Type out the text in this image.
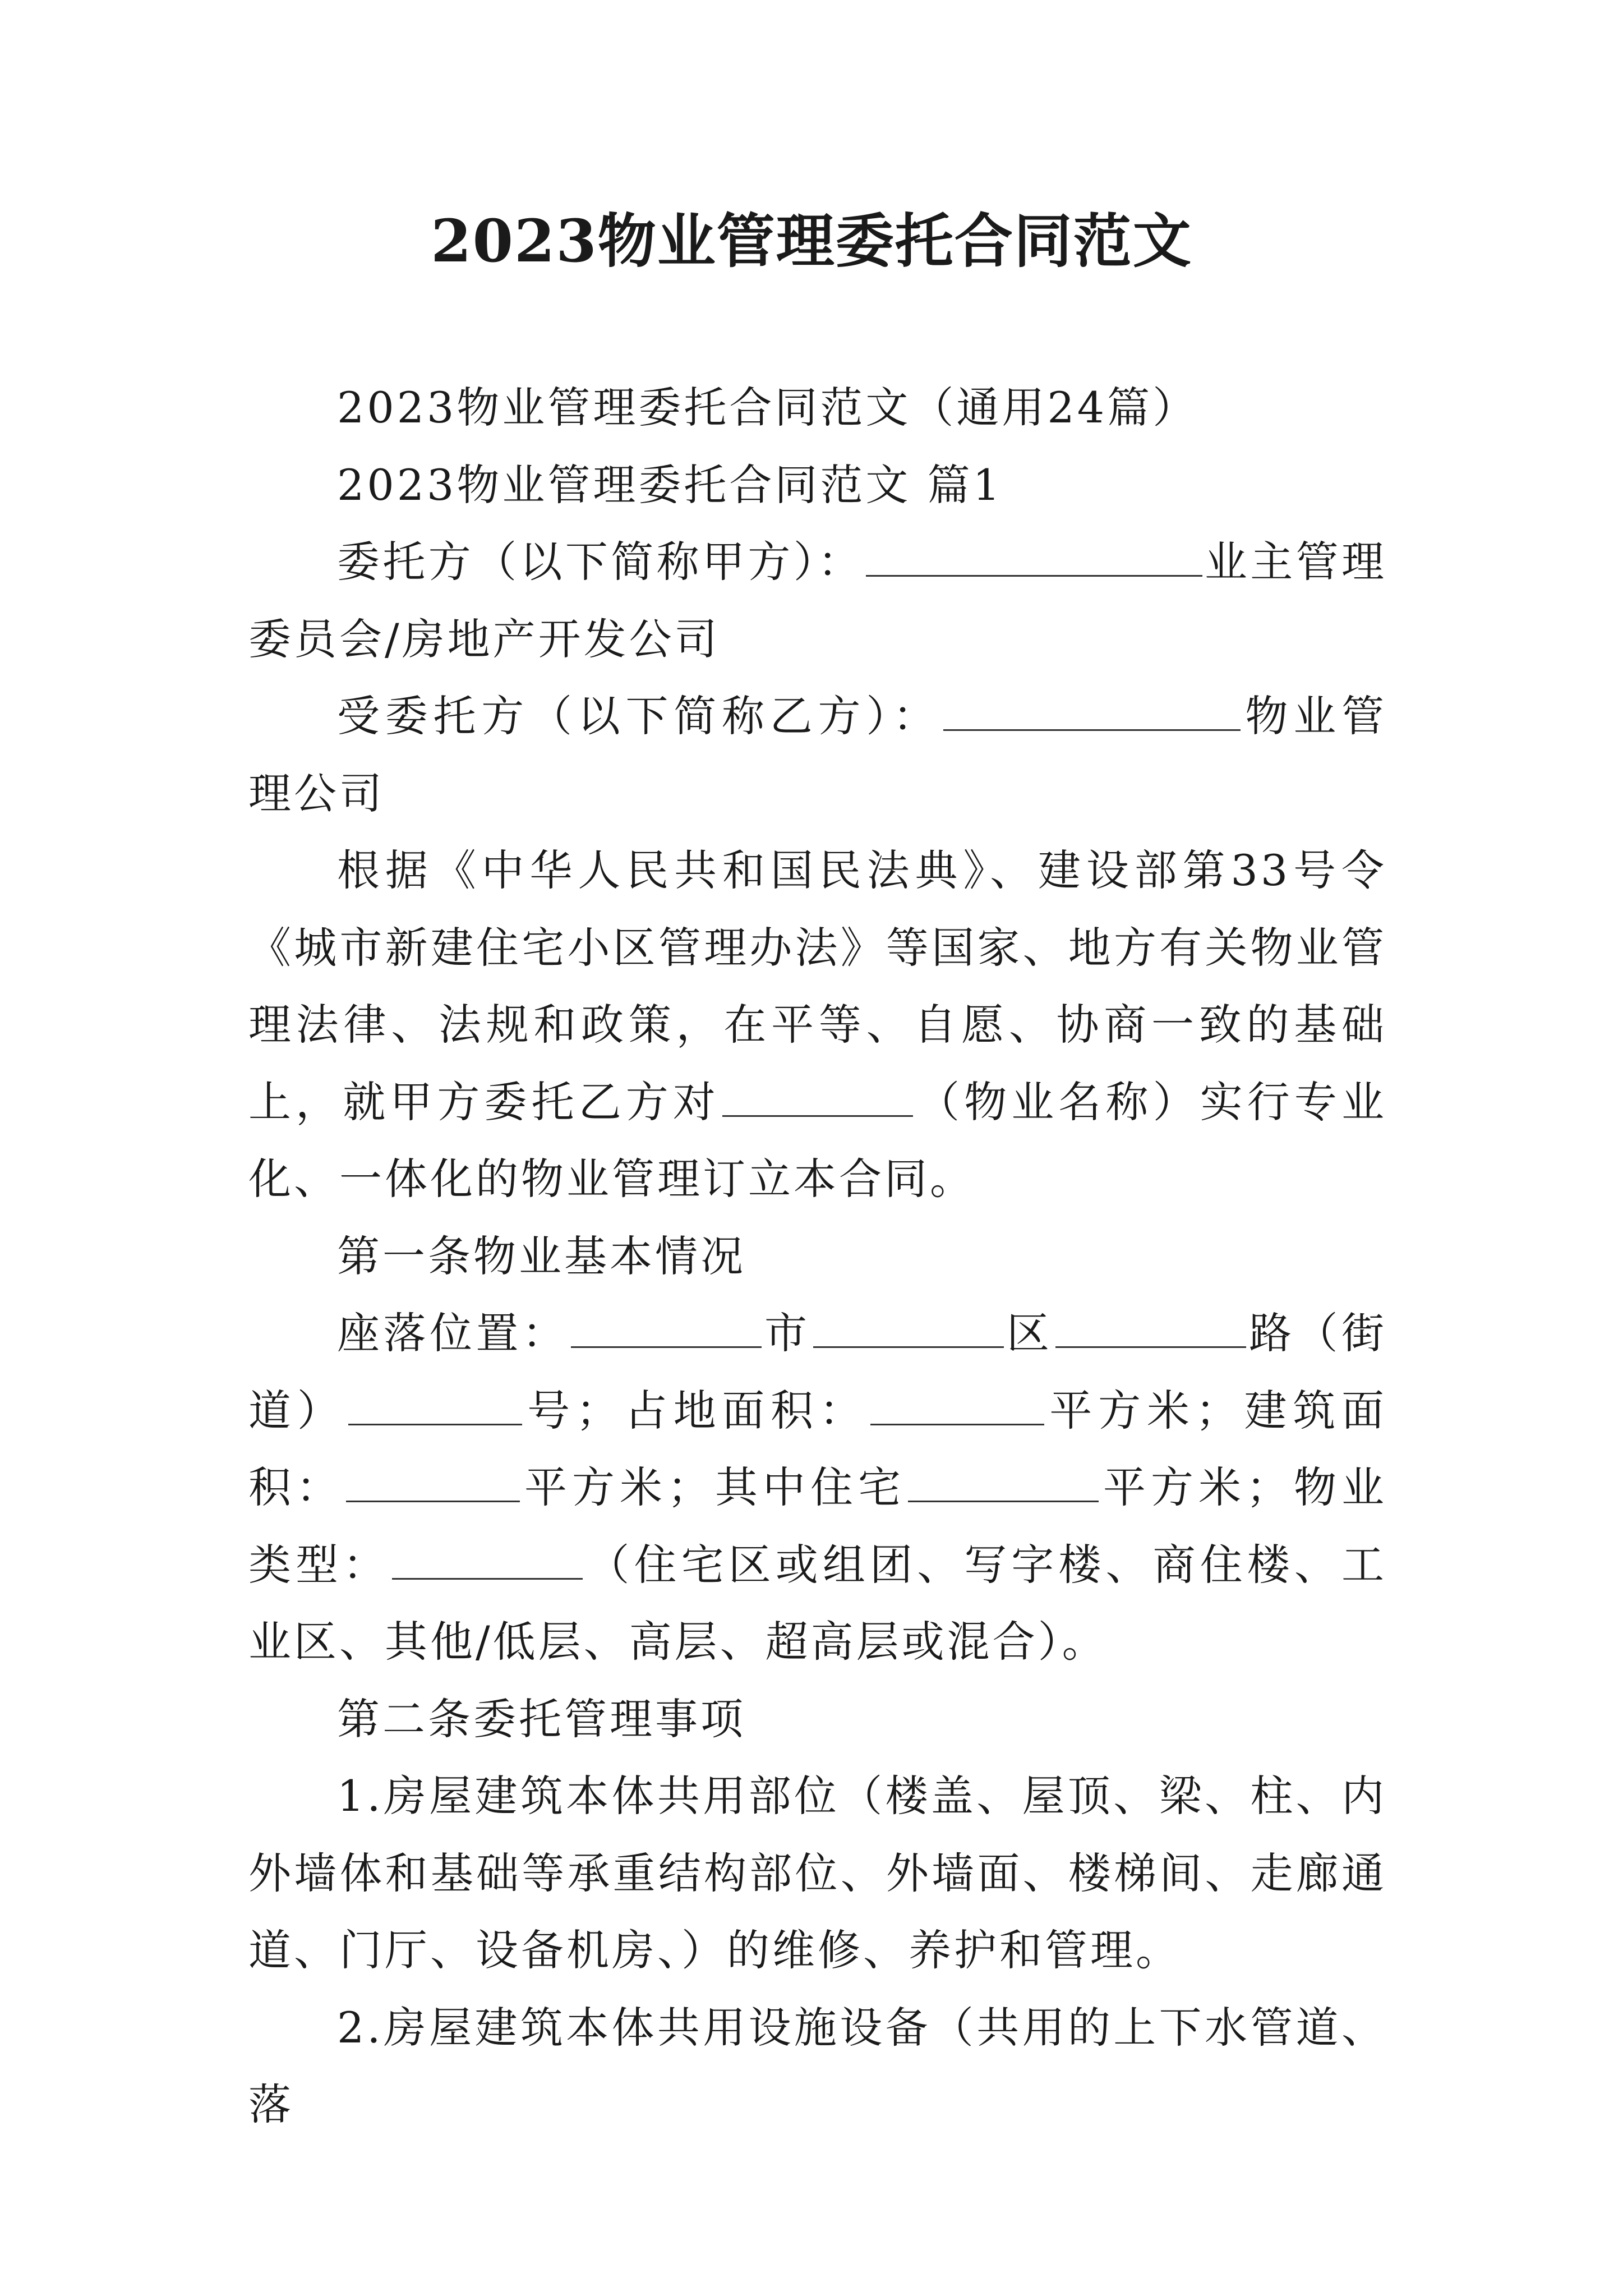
2023物业管理委托合同范文

2023物业管理委托合同范文（通用24篇）

2023物业管理委托合同范文 篇1

委托方（以下简称甲方）：	业主管理委员会/房地产开发公司

受委托方（以下简称乙方）：	物业管理公司

根据《中华人民共和国民法典》、建设部第33号令《城市新建住宅小区管理办法》等国家、地方有关物业管理法律、法规和政策，在平等、自愿、协商一致的基础上，就甲方委托乙方对	（物业名称）实行专业化、一体化的物业管理订立本合同。

第一条物业基本情况

座落位置：	市	区	路（街道）	号；占地面积：	平方米；建筑面积：	平方米；其中住宅	平方米；物业类型：	（住宅区或组团、写字楼、商住楼、工业区、其他/低层、高层、超高层或混合）。

第二条委托管理事项

1.房屋建筑本体共用部位（楼盖、屋顶、梁、柱、内外墙体和基础等承重结构部位、外墙面、楼梯间、走廊通道、门厅、设备机房、）的维修、养护和管理。

2.房屋建筑本体共用设施设备（共用的上下水管道、落
